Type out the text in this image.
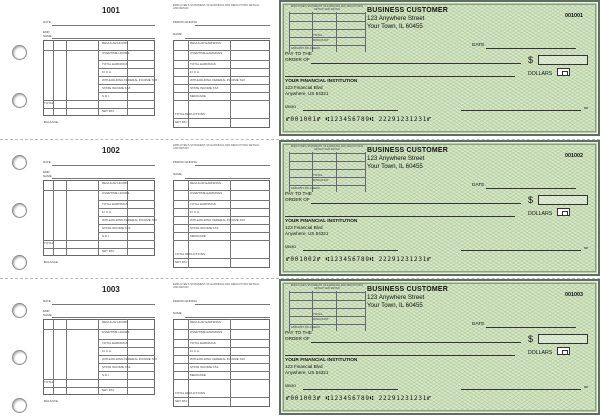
1001
EMPLOYEE'S STATEMENT OF EARNINGS AND DEDUCTIONS DETACH AND RETAIN
DATE	PERIOD ENDING
EMP.
NAME	NAME
REGULAR HOURS
OVERTIME HOURS
TOTAL EARNINGS
F.I.C.A.
WITHHOLDING FEDERAL INCOME TAX
STATE INCOME TAX
S.D.I.
TOTAL
NET PAY
BALANCE
REGULAR EARNINGS
OVERTIME EARNINGS
TOTAL EARNINGS
F.I.C.A.
WITHHOLDING FEDERAL INCOME TAX
STATE INCOME TAX
MEDICARE
TOTAL DEDUCTIONS
NET PAY
EMPLOYEE'S STATEMENT OF EARNINGS AND DEDUCTIONS DETACH AND RETAIN
TOTAL
DISCOUNT
AMOUNT OF CHECK
BUSINESS CUSTOMER
123 Anywhere Street
Your Town, IL 60455
001001
DATE
PAY TO THE
ORDER OF	$
DOLLARS
YOUR FINANCIAL INSTITUTION
123 Financial Blvd
Anywhere, US 54321
MEMO	MP
⑈001001⑈ ⑆123456789⑆ 22291231231⑈
1002
EMPLOYEE'S STATEMENT OF EARNINGS AND DEDUCTIONS DETACH AND RETAIN
DATE	PERIOD ENDING
EMP.
NAME	NAME
REGULAR HOURS
OVERTIME HOURS
TOTAL EARNINGS
F.I.C.A.
WITHHOLDING FEDERAL INCOME TAX
STATE INCOME TAX
S.D.I.
TOTAL
NET PAY
BALANCE
REGULAR EARNINGS
OVERTIME EARNINGS
TOTAL EARNINGS
F.I.C.A.
WITHHOLDING FEDERAL INCOME TAX
STATE INCOME TAX
MEDICARE
TOTAL DEDUCTIONS
NET PAY
EMPLOYEE'S STATEMENT OF EARNINGS AND DEDUCTIONS DETACH AND RETAIN
TOTAL
DISCOUNT
AMOUNT OF CHECK
BUSINESS CUSTOMER
123 Anywhere Street
Your Town, IL 60455
001002
DATE
PAY TO THE
ORDER OF	$
DOLLARS
YOUR FINANCIAL INSTITUTION
123 Financial Blvd
Anywhere, US 54321
MEMO	MP
⑈001002⑈ ⑆123456789⑆ 22291231231⑈
1003
EMPLOYEE'S STATEMENT OF EARNINGS AND DEDUCTIONS DETACH AND RETAIN
DATE	PERIOD ENDING
EMP.
NAME	NAME
REGULAR HOURS
OVERTIME HOURS
TOTAL EARNINGS
F.I.C.A.
WITHHOLDING FEDERAL INCOME TAX
STATE INCOME TAX
S.D.I.
TOTAL
NET PAY
BALANCE
REGULAR EARNINGS
OVERTIME EARNINGS
TOTAL EARNINGS
F.I.C.A.
WITHHOLDING FEDERAL INCOME TAX
STATE INCOME TAX
MEDICARE
TOTAL DEDUCTIONS
NET PAY
EMPLOYEE'S STATEMENT OF EARNINGS AND DEDUCTIONS DETACH AND RETAIN
TOTAL
DISCOUNT
AMOUNT OF CHECK
BUSINESS CUSTOMER
123 Anywhere Street
Your Town, IL 60455
001003
DATE
PAY TO THE
ORDER OF	$
DOLLARS
YOUR FINANCIAL INSTITUTION
123 Financial Blvd
Anywhere, US 54321
MEMO	MP
⑈001003⑈ ⑆123456789⑆ 22291231231⑈
